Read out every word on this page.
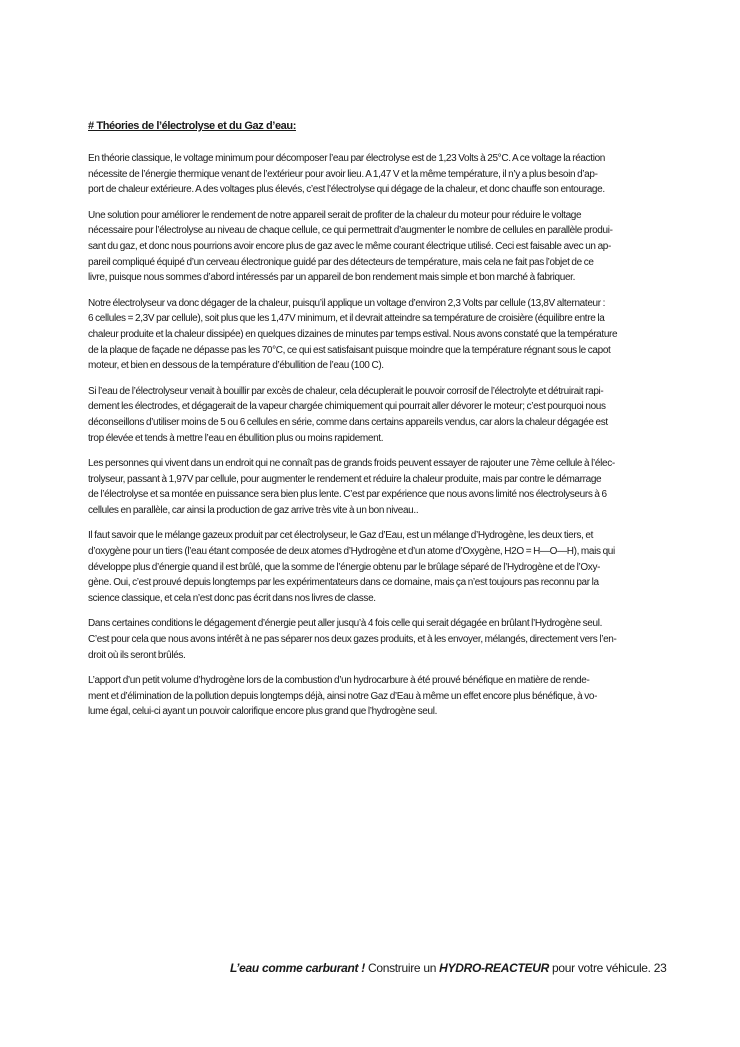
# Théories de l’électrolyse et du Gaz d’eau:

En théorie classique, le voltage minimum pour décomposer l’eau par électrolyse est de 1,23 Volts à 25°C. A ce voltage la réaction
nécessite de l’énergie thermique venant de l’extérieur pour avoir lieu. A 1,47 V et la même température, il n’y a plus besoin d’ap-
port de chaleur extérieure. A des voltages plus élevés, c’est l’électrolyse qui dégage de la chaleur, et donc chauffe son entourage.

Une solution pour améliorer le rendement de notre appareil serait de profiter de la chaleur du moteur pour réduire le voltage
nécessaire pour l’électrolyse au niveau de chaque cellule, ce qui permettrait d’augmenter le nombre de cellules en parallèle produi-
sant du gaz, et donc nous pourrions avoir encore plus de gaz avec le même courant électrique utilisé. Ceci est faisable avec un ap-
pareil compliqué équipé d’un cerveau électronique guidé par des détecteurs de température, mais cela ne fait pas l’objet de ce
livre, puisque nous sommes d’abord intéressés par un appareil de bon rendement mais simple et bon marché à fabriquer.

Notre électrolyseur va donc dégager de la chaleur, puisqu’il applique un voltage d’environ 2,3 Volts par cellule (13,8V alternateur :
6 cellules = 2,3V par cellule), soit plus que les 1,47V minimum, et il devrait atteindre sa température de croisière (équilibre entre la
chaleur produite et la chaleur dissipée) en quelques dizaines de minutes par temps estival. Nous avons constaté que la température
de la plaque de façade ne dépasse pas les 70°C, ce qui est satisfaisant puisque moindre que la température régnant sous le capot
moteur, et bien en dessous de la température d’ébullition de l’eau (100 C).

Si l’eau de l’électrolyseur venait à bouillir par excès de chaleur, cela décuplerait le pouvoir corrosif de l’électrolyte et détruirait rapi-
dement les électrodes, et dégagerait de la vapeur chargée chimiquement qui pourrait aller dévorer le moteur; c’est pourquoi nous
déconseillons d’utiliser moins de 5 ou 6 cellules en série, comme dans certains appareils vendus, car alors la chaleur dégagée est
trop élevée et tends à mettre l’eau en ébullition plus ou moins rapidement.

Les personnes qui vivent dans un endroit qui ne connaît pas de grands froids peuvent essayer de rajouter une 7ème cellule à l’élec-
trolyseur, passant à 1,97V par cellule, pour augmenter le rendement et réduire la chaleur produite, mais par contre le démarrage
de l’électrolyse et sa montée en puissance sera bien plus lente. C’est par expérience que nous avons limité nos électrolyseurs à 6
cellules en parallèle, car ainsi la production de gaz arrive très vite à un bon niveau..

Il faut savoir que le mélange gazeux produit par cet électrolyseur, le Gaz d’Eau, est un mélange d’Hydrogène, les deux tiers, et
d’oxygène pour un tiers (l’eau étant composée de deux atomes d’Hydrogène et d’un atome d’Oxygène, H2O = H—O—H), mais qui
développe plus d’énergie quand il est brûlé, que la somme de l’énergie obtenu par le brûlage séparé de l’Hydrogène et de l’Oxy-
gène. Oui, c’est prouvé depuis longtemps par les expérimentateurs dans ce domaine, mais ça n’est toujours pas reconnu par la
science classique, et cela n’est donc pas écrit dans nos livres de classe.

Dans certaines conditions le dégagement d’énergie peut aller jusqu’à 4 fois celle qui serait dégagée en brûlant l’Hydrogène seul.
C’est pour cela que nous avons intérêt à ne pas séparer nos deux gazes produits, et à les envoyer, mélangés, directement vers l’en-
droit où ils seront brûlés.

L’apport d’un petit volume d’hydrogène lors de la combustion d’un hydrocarbure à été prouvé bénéfique en matière de rende-
ment et d’élimination de la pollution depuis longtemps déjà, ainsi notre Gaz d’Eau à même un effet encore plus bénéfique, à vo-
lume égal, celui-ci ayant un pouvoir calorifique encore plus grand que l’hydrogène seul.

L’eau comme carburant ! Construire un HYDRO-REACTEUR pour votre véhicule. 23
